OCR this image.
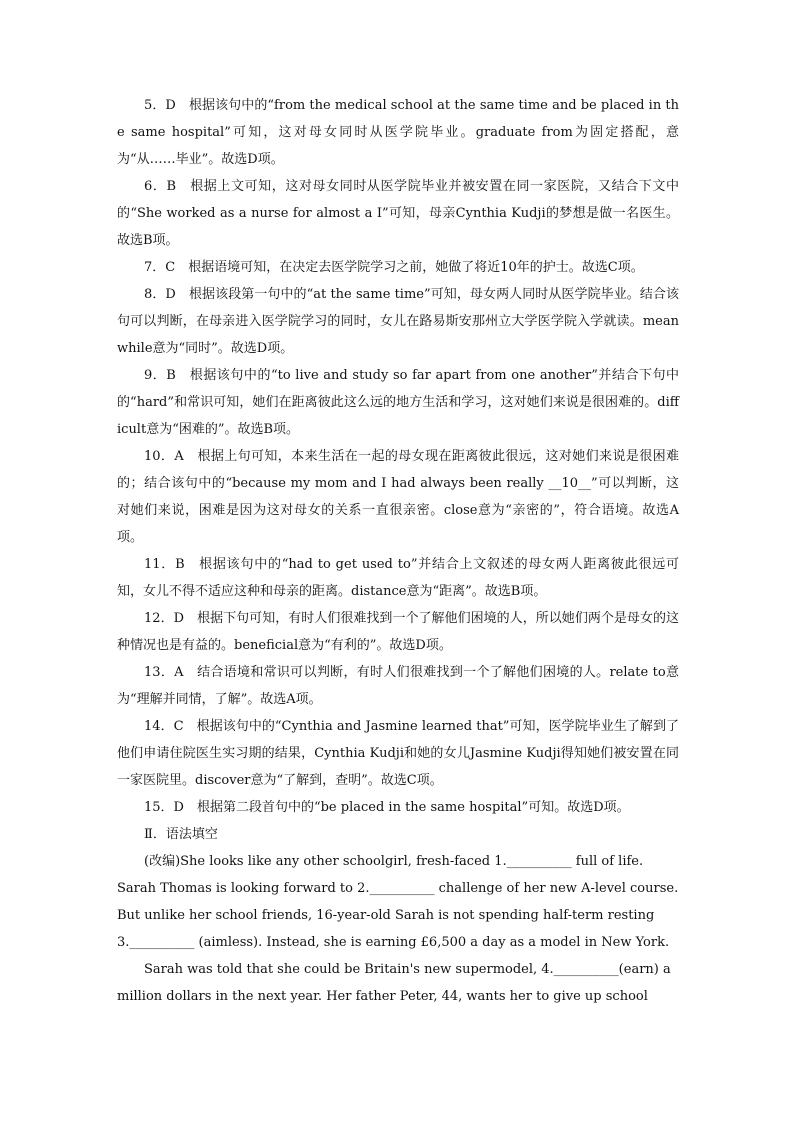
5．D　根据该句中的“from the medical school at the same time and be placed in the same hospital”可知，这对母女同时从医学院毕业。graduate from为固定搭配，意为“从……毕业”。故选D项。

6．B　根据上文可知，这对母女同时从医学院毕业并被安置在同一家医院，又结合下文中的“She worked as a nurse for almost a I”可知，母亲Cynthia Kudji的梦想是做一名医生。故选B项。

7．C　根据语境可知，在决定去医学院学习之前，她做了将近10年的护士。故选C项。

8．D　根据该段第一句中的“at the same time”可知，母女两人同时从医学院毕业。结合该句可以判断，在母亲进入医学院学习的同时，女儿在路易斯安那州立大学医学院入学就读。meanwhile意为“同时”。故选D项。

9．B　根据该句中的“to live and study so far apart from one another”并结合下句中的“hard”和常识可知，她们在距离彼此这么远的地方生活和学习，这对她们来说是很困难的。difficult意为“困难的”。故选B项。

10．A　根据上句可知，本来生活在一起的母女现在距离彼此很远，这对她们来说是很困难的；结合该句中的“because my mom and I had always been really __10__”可以判断，这对她们来说，困难是因为这对母女的关系一直很亲密。close意为“亲密的”，符合语境。故选A项。

11．B　根据该句中的“had to get used to”并结合上文叙述的母女两人距离彼此很远可知，女儿不得不适应这种和母亲的距离。distance意为“距离”。故选B项。

12．D　根据下句可知，有时人们很难找到一个了解他们困境的人，所以她们两个是母女的这种情况也是有益的。beneficial意为“有利的”。故选D项。

13．A　结合语境和常识可以判断，有时人们很难找到一个了解他们困境的人。relate to意为“理解并同情，了解”。故选A项。

14．C　根据该句中的“Cynthia and Jasmine learned that”可知，医学院毕业生了解到了他们申请住院医生实习期的结果，Cynthia Kudji和她的女儿Jasmine Kudji得知她们被安置在同一家医院里。discover意为“了解到，查明”。故选C项。

15．D　根据第二段首句中的“be placed in the same hospital”可知。故选D项。

Ⅱ．语法填空

(改编)She looks like any other schoolgirl, fresh-faced 1.__________ full of life.

Sarah Thomas is looking forward to 2.__________ challenge of her new A-level course.

But unlike her school friends, 16-year-old Sarah is not spending half-term resting

3.__________ (aimless). Instead, she is earning £6,500 a day as a model in New York.

Sarah was told that she could be Britain's new supermodel, 4.__________(earn) a

million dollars in the next year. Her father Peter, 44, wants her to give up school
